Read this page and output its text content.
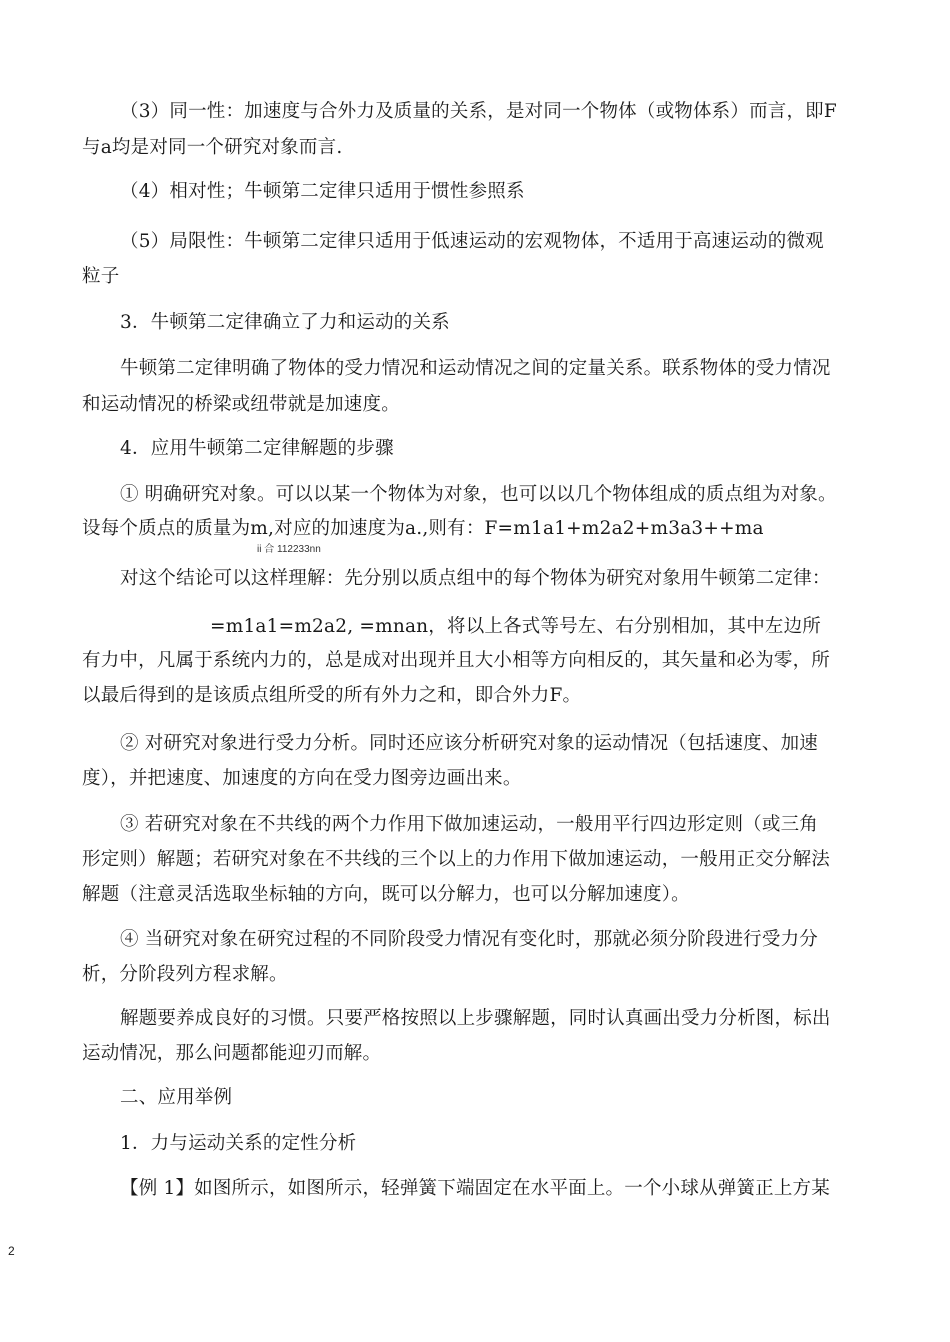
（3）同一性：加速度与合外力及质量的关系，是对同一个物体（或物体系）而言，即F
与a均是对同一个研究对象而言.
（4）相对性；牛顿第二定律只适用于惯性参照系
（5）局限性：牛顿第二定律只适用于低速运动的宏观物体，不适用于高速运动的微观
粒子
3．牛顿第二定律确立了力和运动的关系
牛顿第二定律明确了物体的受力情况和运动情况之间的定量关系。联系物体的受力情况
和运动情况的桥梁或纽带就是加速度。
4．应用牛顿第二定律解题的步骤
① 明确研究对象。可以以某一个物体为对象，也可以以几个物体组成的质点组为对象。
设每个质点的质量为m,对应的加速度为a.,则有：F=m1a1+m2a2+m3a3++ma
ii 合 112233nn
对这个结论可以这样理解：先分别以质点组中的每个物体为研究对象用牛顿第二定律：
=m1a1=m2a2, =mnan，将以上各式等号左、右分别相加，其中左边所
有力中，凡属于系统内力的，总是成对出现并且大小相等方向相反的，其矢量和必为零，所
以最后得到的是该质点组所受的所有外力之和，即合外力F。
② 对研究对象进行受力分析。同时还应该分析研究对象的运动情况（包括速度、加速
度），并把速度、加速度的方向在受力图旁边画出来。
③ 若研究对象在不共线的两个力作用下做加速运动，一般用平行四边形定则（或三角
形定则）解题；若研究对象在不共线的三个以上的力作用下做加速运动，一般用正交分解法
解题（注意灵活选取坐标轴的方向，既可以分解力，也可以分解加速度）。
④ 当研究对象在研究过程的不同阶段受力情况有变化时，那就必须分阶段进行受力分
析，分阶段列方程求解。
解题要养成良好的习惯。只要严格按照以上步骤解题，同时认真画出受力分析图，标出
运动情况，那么问题都能迎刃而解。
二、应用举例
1．力与运动关系的定性分析
【例 1】如图所示，如图所示，轻弹簧下端固定在水平面上。一个小球从弹簧正上方某
2
